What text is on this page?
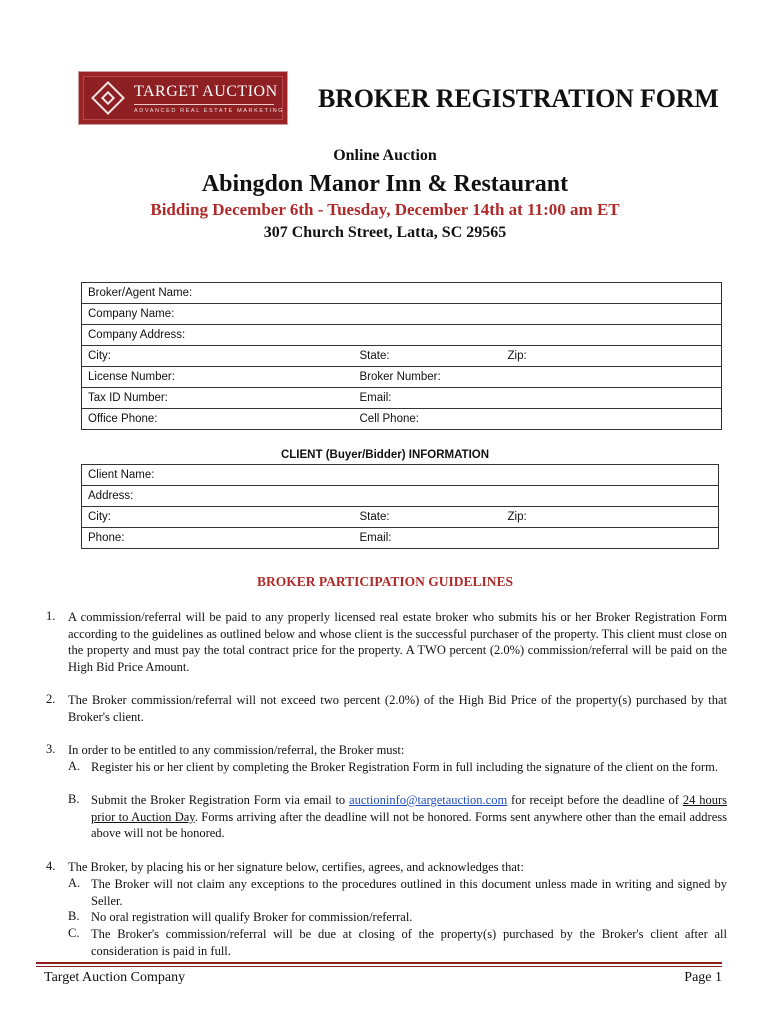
TARGET AUCTION
ADVANCED REAL ESTATE MARKETING BROKER REGISTRATION FORM
Online Auction
Abingdon Manor Inn & Restaurant
Bidding December 6th - Tuesday, December 14th at 11:00 am ET
307 Church Street, Latta, SC 29565
Broker/Agent Name:		
Company Name:		
Company Address:		
City:	State:	Zip:
License Number:	Broker Number:	
Tax ID Number:	Email:	
Office Phone:	Cell Phone:	
CLIENT (Buyer/Bidder) INFORMATION
Client Name:		
Address:		
City:	State:	Zip:
Phone:	Email:	
BROKER PARTICIPATION GUIDELINES
1. A commission/referral will be paid to any properly licensed real estate broker who submits his or her Broker Registration Form according to the guidelines as outlined below and whose client is the successful purchaser of the property. This client must close on the property and must pay the total contract price for the property. A TWO percent (2.0%) commission/referral will be paid on the High Bid Price Amount.
2. The Broker commission/referral will not exceed two percent (2.0%) of the High Bid Price of the property(s) purchased by that Broker's client.
3. In order to be entitled to any commission/referral, the Broker must:
A. Register his or her client by completing the Broker Registration Form in full including the signature of the client on the form.
B. Submit the Broker Registration Form via email to auctioninfo@targetauction.com for receipt before the deadline of 24 hours prior to Auction Day. Forms arriving after the deadline will not be honored. Forms sent anywhere other than the email address above will not be honored.
4. The Broker, by placing his or her signature below, certifies, agrees, and acknowledges that:
A. The Broker will not claim any exceptions to the procedures outlined in this document unless made in writing and signed by Seller.
B. No oral registration will qualify Broker for commission/referral.
C. The Broker's commission/referral will be due at closing of the property(s) purchased by the Broker's client after all consideration is paid in full.
Target Auction Company	Page 1
